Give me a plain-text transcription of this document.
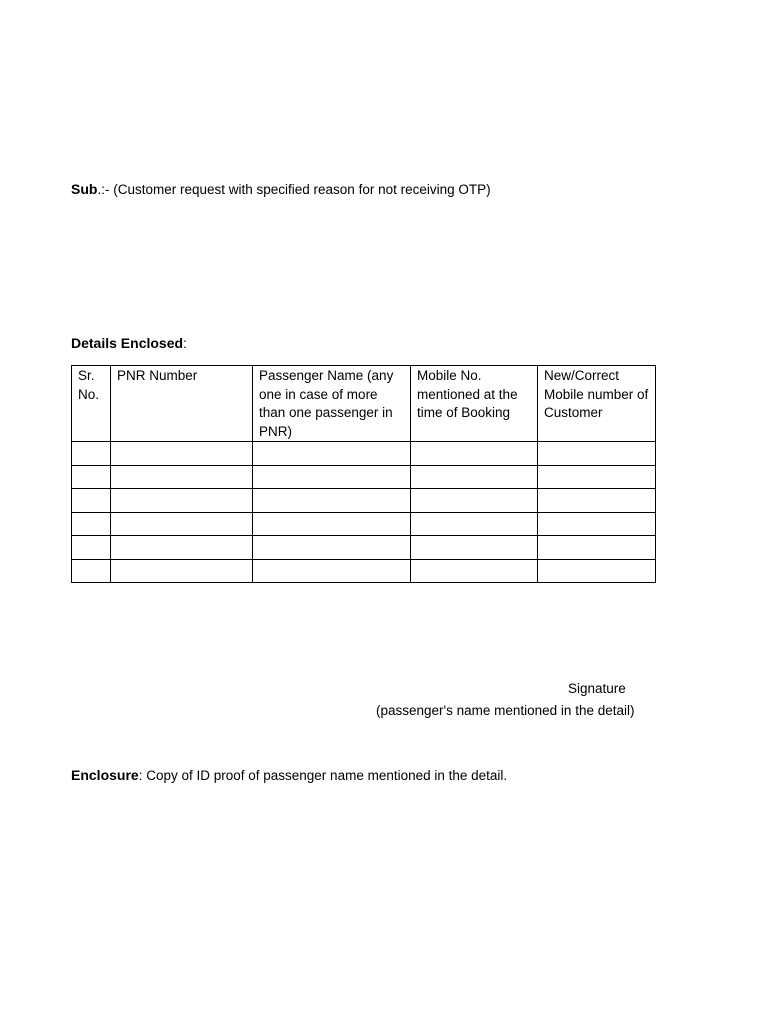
Sub.:- (Customer request with specified reason for not receiving OTP)
Details Enclosed:
Sr. No.	PNR Number	Passenger Name (any one in case of more than one passenger in PNR)	Mobile No. mentioned at the time of Booking	New/Correct Mobile number of Customer

Signature
(passenger's name mentioned in the detail)
Enclosure: Copy of ID proof of passenger name mentioned in the detail.
